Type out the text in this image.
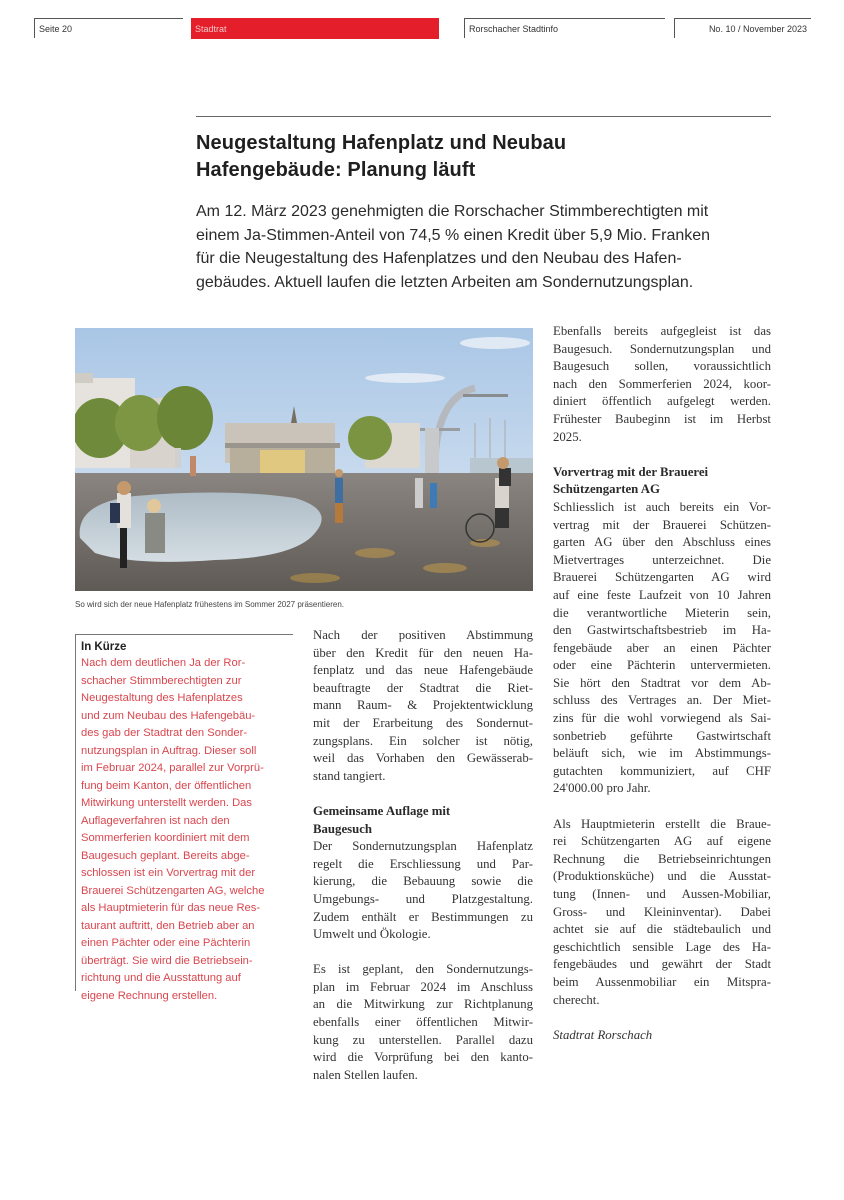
Seite 20	Stadtrat	Rorschacher Stadtinfo	No. 10 / November 2023
Neugestaltung Hafenplatz und Neubau
Hafengebäude: Planung läuft

Am 12. März 2023 genehmigten die Rorschacher Stimmberechtigten mit
einem Ja-Stimmen-Anteil von 74,5 % einen Kredit über 5,9 Mio. Franken
für die Neugestaltung des Hafenplatzes und den Neubau des Hafen-
gebäudes. Aktuell laufen die letzten Arbeiten am Sondernutzungsplan.

So wird sich der neue Hafenplatz frühestens im Sommer 2027 präsentieren.
In Kürze
Nach dem deutlichen Ja der Ror-
schacher Stimmberechtigten zur
Neugestaltung des Hafenplatzes
und zum Neubau des Hafengebäu-
des gab der Stadtrat den Sonder-
nutzungsplan in Auftrag. Dieser soll
im Februar 2024, parallel zur Vorprü-
fung beim Kanton, der öffentlichen
Mitwirkung unterstellt werden. Das
Auflageverfahren ist nach den
Sommerferien koordiniert mit dem
Baugesuch geplant. Bereits abge-
schlossen ist ein Vorvertrag mit der
Brauerei Schützengarten AG, welche
als Hauptmieterin für das neue Res-
taurant auftritt, den Betrieb aber an
einen Pächter oder eine Pächterin
überträgt. Sie wird die Betriebsein-
richtung und die Ausstattung auf
eigene Rechnung erstellen.
Nach der positiven Abstimmung
über den Kredit für den neuen Ha-
fenplatz und das neue Hafengebäude
beauftragte der Stadtrat die Riet-
mann Raum- & Projektentwicklung
mit der Erarbeitung des Sondernut-
zungsplans. Ein solcher ist nötig,
weil das Vorhaben den Gewässerab-
stand tangiert.
Gemeinsame Auflage mit
Baugesuch
Der Sondernutzungsplan Hafenplatz
regelt die Erschliessung und Par-
kierung, die Bebauung sowie die
Umgebungs- und Platzgestaltung.
Zudem enthält er Bestimmungen zu
Umwelt und Ökologie.
Es ist geplant, den Sondernutzungs-
plan im Februar 2024 im Anschluss
an die Mitwirkung zur Richtplanung
ebenfalls einer öffentlichen Mitwir-
kung zu unterstellen. Parallel dazu
wird die Vorprüfung bei den kanto-
nalen Stellen laufen.
Ebenfalls bereits aufgegleist ist das
Baugesuch. Sondernutzungsplan und
Baugesuch sollen, voraussichtlich
nach den Sommerferien 2024, koor-
diniert öffentlich aufgelegt werden.
Frühester Baubeginn ist im Herbst
2025.
Vorvertrag mit der Brauerei
Schützengarten AG
Schliesslich ist auch bereits ein Vor-
vertrag mit der Brauerei Schützen-
garten AG über den Abschluss eines
Mietvertrages unterzeichnet. Die
Brauerei Schützengarten AG wird
auf eine feste Laufzeit von 10 Jahren
die verantwortliche Mieterin sein,
den Gastwirtschaftsbestrieb im Ha-
fengebäude aber an einen Pächter
oder eine Pächterin untervermieten.
Sie hört den Stadtrat vor dem Ab-
schluss des Vertrages an. Der Miet-
zins für die wohl vorwiegend als Sai-
sonbetrieb geführte Gastwirtschaft
beläuft sich, wie im Abstimmungs-
gutachten kommuniziert, auf CHF
24'000.00 pro Jahr.
Als Hauptmieterin erstellt die Braue-
rei Schützengarten AG auf eigene
Rechnung die Betriebseinrichtungen
(Produktionsküche) und die Ausstat-
tung (Innen- und Aussen-Mobiliar,
Gross- und Kleininventar). Dabei
achtet sie auf die städtebaulich und
geschichtlich sensible Lage des Ha-
fengebäudes und gewährt der Stadt
beim Aussenmobiliar ein Mitspra-
cherecht.
Stadtrat Rorschach
